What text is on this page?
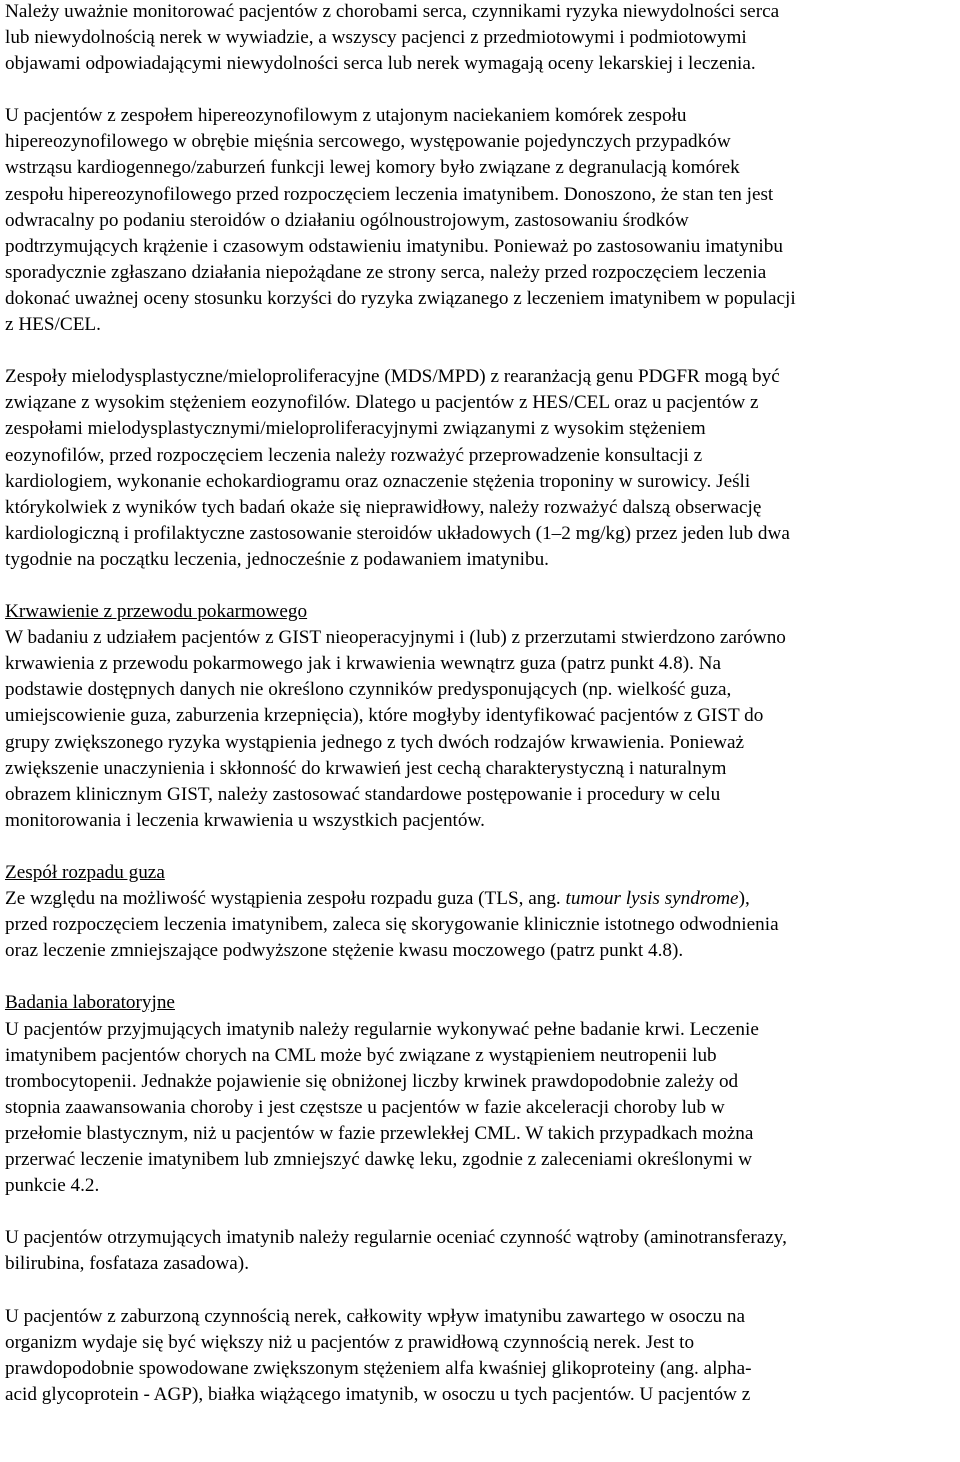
Należy uważnie monitorować pacjentów z chorobami serca, czynnikami ryzyka niewydolności serca
lub niewydolnością nerek w wywiadzie, a wszyscy pacjenci z przedmiotowymi i podmiotowymi
objawami odpowiadającymi niewydolności serca lub nerek wymagają oceny lekarskiej i leczenia.

U pacjentów z zespołem hipereozynofilowym z utajonym naciekaniem komórek zespołu
hipereozynofilowego w obrębie mięśnia sercowego, występowanie pojedynczych przypadków
wstrząsu kardiogennego/zaburzeń funkcji lewej komory było związane z degranulacją komórek
zespołu hipereozynofilowego przed rozpoczęciem leczenia imatynibem. Donoszono, że stan ten jest
odwracalny po podaniu steroidów o działaniu ogólnoustrojowym, zastosowaniu środków
podtrzymujących krążenie i czasowym odstawieniu imatynibu. Ponieważ po zastosowaniu imatynibu
sporadycznie zgłaszano działania niepożądane ze strony serca, należy przed rozpoczęciem leczenia
dokonać uważnej oceny stosunku korzyści do ryzyka związanego z leczeniem imatynibem w populacji
z HES/CEL.

Zespoły mielodysplastyczne/mieloproliferacyjne (MDS/MPD) z rearanżacją genu PDGFR mogą być
związane z wysokim stężeniem eozynofilów. Dlatego u pacjentów z HES/CEL oraz u pacjentów z
zespołami mielodysplastycznymi/mieloproliferacyjnymi związanymi z wysokim stężeniem
eozynofilów, przed rozpoczęciem leczenia należy rozważyć przeprowadzenie konsultacji z
kardiologiem, wykonanie echokardiogramu oraz oznaczenie stężenia troponiny w surowicy. Jeśli
którykolwiek z wyników tych badań okaże się nieprawidłowy, należy rozważyć dalszą obserwację
kardiologiczną i profilaktyczne zastosowanie steroidów układowych (1–2 mg/kg) przez jeden lub dwa
tygodnie na początku leczenia, jednocześnie z podawaniem imatynibu.

Krwawienie z przewodu pokarmowego
W badaniu z udziałem pacjentów z GIST nieoperacyjnymi i (lub) z przerzutami stwierdzono zarówno
krwawienia z przewodu pokarmowego jak i krwawienia wewnątrz guza (patrz punkt 4.8). Na
podstawie dostępnych danych nie określono czynników predysponujących (np. wielkość guza,
umiejscowienie guza, zaburzenia krzepnięcia), które mogłyby identyfikować pacjentów z GIST do
grupy zwiększonego ryzyka wystąpienia jednego z tych dwóch rodzajów krwawienia. Ponieważ
zwiększenie unaczynienia i skłonność do krwawień jest cechą charakterystyczną i naturalnym
obrazem klinicznym GIST, należy zastosować standardowe postępowanie i procedury w celu
monitorowania i leczenia krwawienia u wszystkich pacjentów.

Zespół rozpadu guza
Ze względu na możliwość wystąpienia zespołu rozpadu guza (TLS, ang. tumour lysis syndrome),
przed rozpoczęciem leczenia imatynibem, zaleca się skorygowanie klinicznie istotnego odwodnienia
oraz leczenie zmniejszające podwyższone stężenie kwasu moczowego (patrz punkt 4.8).

Badania laboratoryjne
U pacjentów przyjmujących imatynib należy regularnie wykonywać pełne badanie krwi. Leczenie
imatynibem pacjentów chorych na CML może być związane z wystąpieniem neutropenii lub
trombocytopenii. Jednakże pojawienie się obniżonej liczby krwinek prawdopodobnie zależy od
stopnia zaawansowania choroby i jest częstsze u pacjentów w fazie akceleracji choroby lub w
przełomie blastycznym, niż u pacjentów w fazie przewlekłej CML. W takich przypadkach można
przerwać leczenie imatynibem lub zmniejszyć dawkę leku, zgodnie z zaleceniami określonymi w
punkcie 4.2.

U pacjentów otrzymujących imatynib należy regularnie oceniać czynność wątroby (aminotransferazy,
bilirubina, fosfataza zasadowa).

U pacjentów z zaburzoną czynnością nerek, całkowity wpływ imatynibu zawartego w osoczu na
organizm wydaje się być większy niż u pacjentów z prawidłową czynnością nerek. Jest to
prawdopodobnie spowodowane zwiększonym stężeniem alfa kwaśniej glikoproteiny (ang. alpha-
acid glycoprotein - AGP), białka wiążącego imatynib, w osoczu u tych pacjentów. U pacjentów z
